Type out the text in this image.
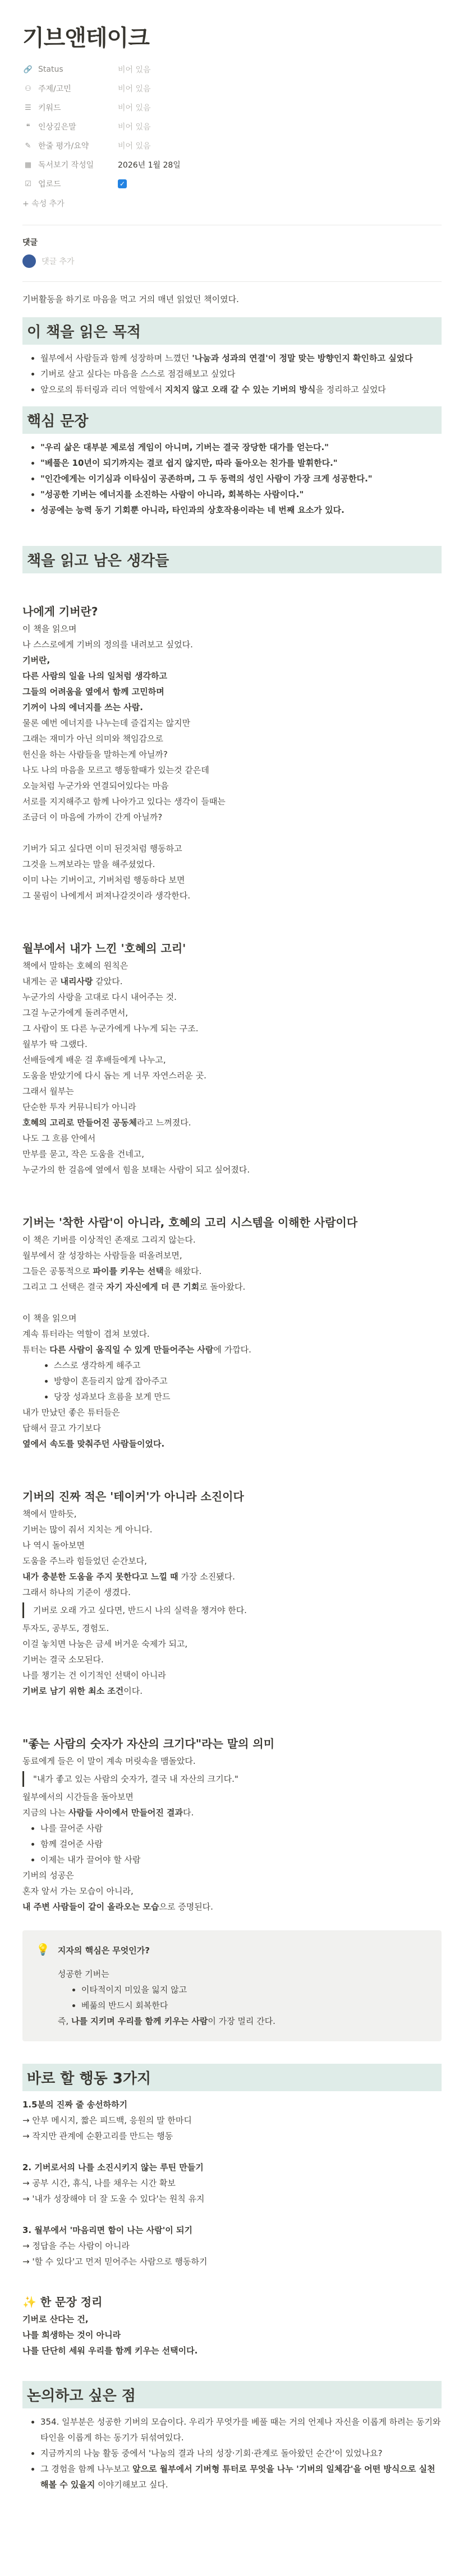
기브앤테이크
🔗 Status	비어 있음
⚇ 주제/고민	비어 있음
☰ 키워드	비어 있음
❝	인상깊은말	비어 있음
✎ 한줄 평가/요약	비어 있음
▦ 독서보기 작성일	2026년 1월 28일
☑ 업로드	✓
+ 속성 추가
댓글
댓글 추가

기버활동을 하기로 마음을 먹고 거의 매년 읽었던 책이였다.

이 책을 읽은 목적
• 월부에서 사람들과 함께 성장하며 느꼈던 '나눔과 성과의 연결'이 정말 맞는 방향인지 확인하고 싶었다
• 기버로 살고 싶다는 마음을 스스로 점검해보고 싶었다
• 앞으로의 튜터링과 리더 역할에서 지치지 않고 오래 갈 수 있는 기버의 방식을 정리하고 싶었다
핵심 문장
• "우리 삶은 대부분 제로섬 게임이 아니며, 기버는 결국 장당한 대가를 얻는다."
• "베풀은 10년이 되기까지는 결코 쉽지 않지만, 따라 돌아오는 친가를 발휘한다."
• "인간에게는 이기심과 이타심이 공존하며, 그 두 동력의 성인 사람이 가장 크게 성공한다."
• "성공한 기버는 에너지를 소진하는 사람이 아니라, 회복하는 사람이다."
• 성공에는 능력 동기 기회뿐 아니라, 타인과의 상호작용이라는 네 번째 요소가 있다.
책을 읽고 남은 생각들
나에게 기버란?

이 책을 읽으며

나 스스로에게 기버의 정의를 내려보고 싶었다.

기버란,

다른 사람의 일을 나의 일처럼 생각하고

그들의 어려움을 옆에서 함께 고민하며

기꺼이 나의 에너지를 쓰는 사람.

물론 예번 에너지를 나누는데 즐겁지는 않지만

그래는 재미가 아닌 의미와 책임감으로

헌신을 하는 사람들을 말하는게 아닐까?

나도 나의 마음을 모르고 행동할때가 있는것 같은데

오늘처럼 누군가와 연결되어있다는 마음

서로를 지지해주고 함께 나아가고 있다는 생각이 들때는

조금더 이 마음에 가까이 간게 아닐까?

기버가 되고 싶다면 이미 된것처럼 행동하고

그것을 느껴보라는 말을 해주셨었다.

이미 나는 기버이고, 기버처럼 행동하다 보면

그 물림이 나에게서 퍼져나갈것이라 생각한다.

월부에서 내가 느낀 '호혜의 고리'

책에서 말하는 호혜의 원칙은

내게는 곧 내리사랑 같았다.

누군가의 사랑을 고대로 다시 내어주는 것.

그걸 누군가에게 돌려주면서,

그 사람이 또 다른 누군가에게 나누게 되는 구조.

월부가 딱 그랬다.

선배들에게 배운 걸 후배들에게 나누고,

도움을 받았기에 다시 돕는 게 너무 자연스러운 곳.

그래서 월부는

단순한 투자 커뮤니티가 아니라

호혜의 고리로 만들어진 공동체라고 느껴졌다.

나도 그 흐름 안에서

만부를 묻고, 작은 도움을 건네고,

누군가의 한 걸음에 옆에서 힘을 보태는 사람이 되고 싶어졌다.

기버는 '착한 사람'이 아니라, 호혜의 고리 시스템을 이해한 사람이다

이 책은 기버를 이상적인 존재로 그리지 않는다.

월부에서 잘 성장하는 사람들을 떠올려보면,

그들은 공통적으로 파이를 키우는 선택을 해왔다.

그리고 그 선택은 결국 자기 자신에게 더 큰 기회로 돌아왔다.

이 책을 읽으며

계속 튜터라는 역할이 겹쳐 보였다.

튜터는 다른 사람이 움직일 수 있게 만들어주는 사람에 가깝다.

• 스스로 생각하게 해주고
• 방향이 흔들리지 않게 잡아주고
• 당장 성과보다 흐름을 보게 만드

내가 만났던 좋은 튜터들은

답해서 끌고 가기보다

옆에서 속도를 맞춰주던 사람들이었다.

기버의 진짜 적은 '테이커'가 아니라 소진이다

책에서 말하듯,

기버는 많이 줘서 지치는 게 아니다.

나 역시 돌아보면

도움을 주느라 힘들었던 순간보다,

내가 충분한 도움을 주지 못한다고 느낄 때 가장 소진됐다.

그래서 하나의 기준이 생겼다.

기버로 오래 가고 싶다면, 반드시 나의 실력을 챙겨야 한다.

투자도, 공부도, 경험도.

이걸 놓치면 나눔은 금세 버거운 숙제가 되고,

기버는 결국 소모된다.

나를 챙기는 건 이기적인 선택이 아니라

기버로 남기 위한 최소 조건이다.

"좋는 사람의 숫자가 자산의 크기다"라는 말의 의미

동료에게 들은 이 말이 계속 머릿속을 맴돌았다.

"내가 좋고 있는 사람의 숫자가, 결국 내 자산의 크기다."

월부에서의 시간들을 돌아보면

지금의 나는 사람들 사이에서 만들어진 결과다.

• 나를 끌어준 사람
• 함께 걸어준 사람
• 이제는 내가 끌어야 할 사람

기버의 성공은

혼자 앞서 가는 모습이 아니라,

내 주변 사람들이 같이 올라오는 모습으로 증명된다.

💡 지자의 핵심은 무엇인가?
성공한 기버는
• 이타적이지 미있을 잃지 않고
• 베풂의 반드시 회복한다
즉, 나를 지키며 우리를 함께 키우는 사람이 가장 멀리 간다.
바로 할 행동 3가지

1.5분의 진짜 줄 송선하하기

→ 안부 메시지, 짧은 피드백, 응원의 말 한마디

→ 작지만 관계에 순환고리를 만드는 행동

2. 기버로서의 나를 소진시키지 않는 루틴 만들기

→ 공부 시간, 휴식, 나를 채우는 시간 확보

→ '내가 성장해야 더 잘 도울 수 있다'는 원칙 유지

3. 월부에서 '마음리면 함이 나는 사람'이 되기

→ 정답을 주는 사람이 아니라

→ '할 수 있다'고 먼저 믿어주는 사람으로 행동하기

✨ 한 문장 정리

기버로 산다는 건,

나를 희생하는 것이 아니라

나를 단단히 세워 우리를 함께 키우는 선택이다.

논의하고 싶은 점
• 354. 일부분은 성공한 기버의 모습이다. 우리가 무엇가를 베풀 때는 거의 언제나 자신을 이롭게 하려는 동기와 타인을 이롭게 하는 동기가 뒤섞여있다.
• 지금까지의 나눔 활동 중에서 '나눔의 결과 나의 성장·기회·관계로 돌아왔던 순간'이 있었나요?
• 그 경험을 함께 나누보고 앞으로 월부에서 기버형 튜터로 무엇을 나누 '기버의 일체감'을 어떤 방식으로 실천해볼 수 있을지 이야기해보고 싶다.
